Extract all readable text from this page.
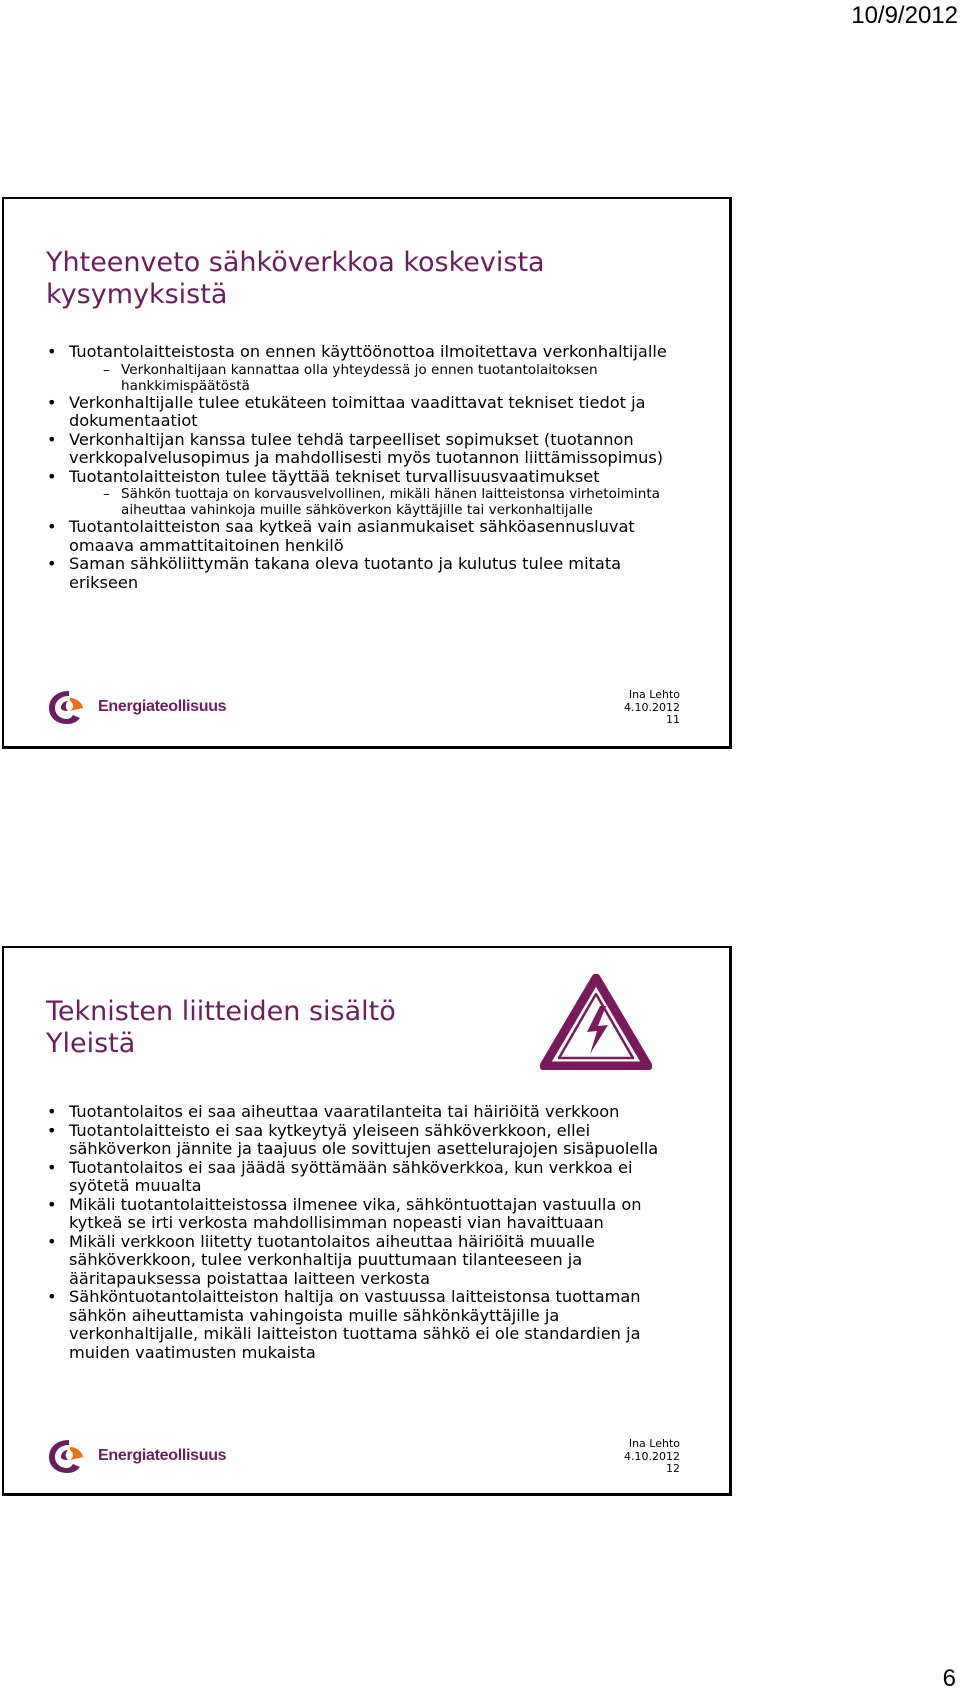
10/9/2012
Yhteenveto sähköverkkoa koskevista
kysymyksistä
• Tuotantolaitteistosta on ennen käyttöönottoa ilmoitettava verkonhaltijalle
– Verkonhaltijaan kannattaa olla yhteydessä jo ennen tuotantolaitoksen hankkimispäätöstä
• Verkonhaltijalle tulee etukäteen toimittaa vaadittavat tekniset tiedot ja dokumentaatiot
• Verkonhaltijan kanssa tulee tehdä tarpeelliset sopimukset (tuotannon verkkopalvelusopimus ja mahdollisesti myös tuotannon liittämissopimus)
• Tuotantolaitteiston tulee täyttää tekniset turvallisuusvaatimukset
– Sähkön tuottaja on korvausvelvollinen, mikäli hänen laitteistonsa virhetoiminta aiheuttaa vahinkoja muille sähköverkon käyttäjille tai verkonhaltijalle
• Tuotantolaitteiston saa kytkeä vain asianmukaiset sähköasennusluvat omaava ammattitaitoinen henkilö
• Saman sähköliittymän takana oleva tuotanto ja kulutus tulee mitata erikseen
Energiateollisuus
Ina Lehto
4.10.2012
11
Teknisten liitteiden sisältö
Yleistä
• Tuotantolaitos ei saa aiheuttaa vaaratilanteita tai häiriöitä verkkoon
• Tuotantolaitteisto ei saa kytkeytyä yleiseen sähköverkkoon, ellei sähköverkon jännite ja taajuus ole sovittujen asettelurajojen sisäpuolella
• Tuotantolaitos ei saa jäädä syöttämään sähköverkkoa, kun verkkoa ei syötetä muualta
• Mikäli tuotantolaitteistossa ilmenee vika, sähköntuottajan vastuulla on kytkeä se irti verkosta mahdollisimman nopeasti vian havaittuaan
• Mikäli verkkoon liitetty tuotantolaitos aiheuttaa häiriöitä muualle sähköverkkoon, tulee verkonhaltija puuttumaan tilanteeseen ja ääritapauksessa poistattaa laitteen verkosta
• Sähköntuotantolaitteiston haltija on vastuussa laitteistonsa tuottaman sähkön aiheuttamista vahingoista muille sähkönkäyttäjille ja verkonhaltijalle, mikäli laitteiston tuottama sähkö ei ole standardien ja muiden vaatimusten mukaista
Energiateollisuus
Ina Lehto
4.10.2012
12
6
